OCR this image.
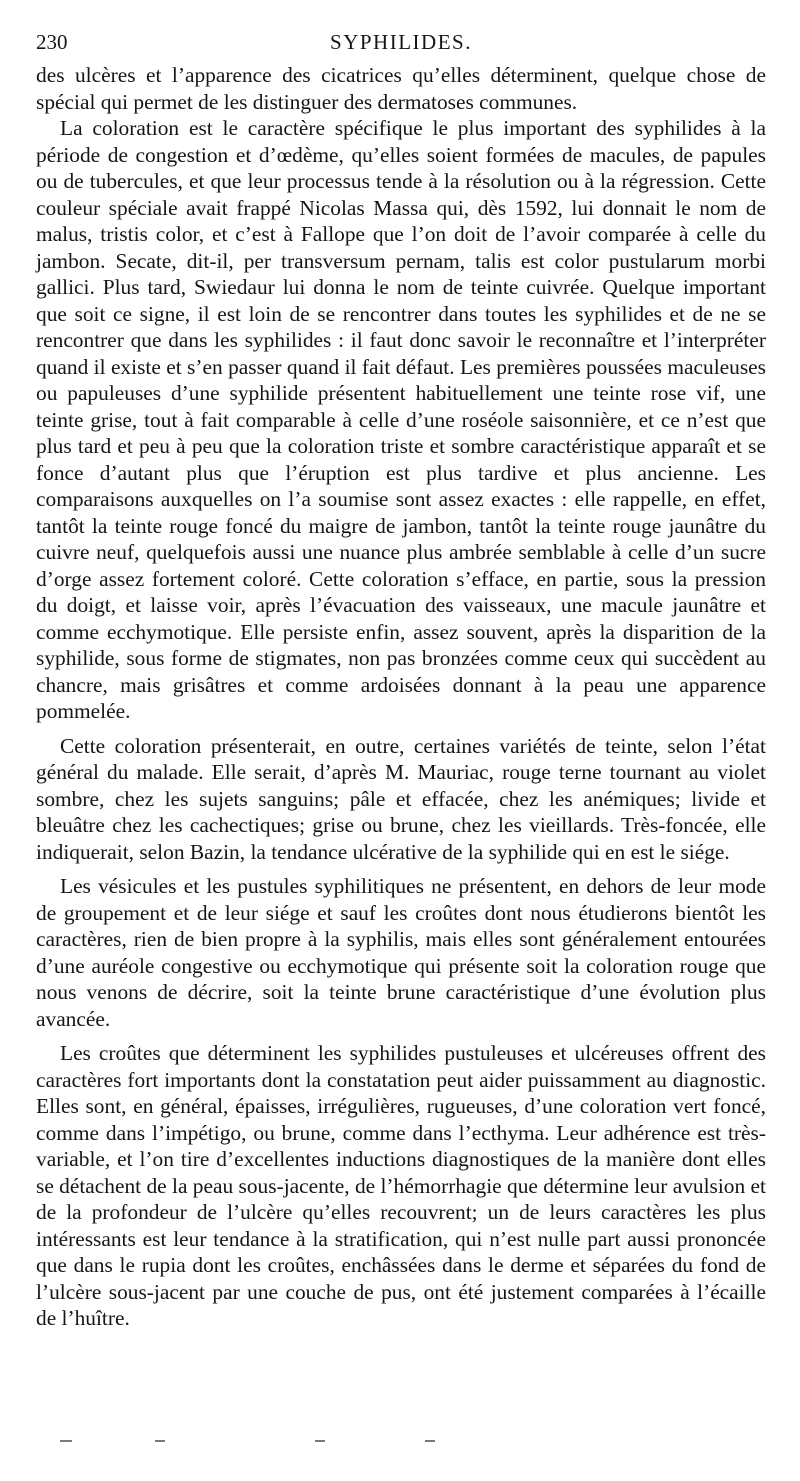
230	SYPHILIDES.

des ulcères et l’apparence des cicatrices qu’elles déterminent, quelque chose de spécial qui permet de les distinguer des dermatoses communes.

La coloration est le caractère spécifique le plus important des syphilides à la période de congestion et d’œdème, qu’elles soient formées de macules, de papules ou de tubercules, et que leur processus tende à la résolution ou à la régression. Cette couleur spéciale avait frappé Nicolas Massa qui, dès 1592, lui donnait le nom de malus, tristis color, et c’est à Fallope que l’on doit de l’avoir comparée à celle du jambon. Secate, dit-il, per transversum pernam, talis est color pustularum morbi gallici. Plus tard, Swiedaur lui donna le nom de teinte cuivrée. Quelque important que soit ce signe, il est loin de se rencontrer dans toutes les syphilides et de ne se rencontrer que dans les syphilides : il faut donc savoir le reconnaître et l’interpréter quand il existe et s’en passer quand il fait défaut. Les premières poussées maculeuses ou papuleuses d’une syphilide présentent habituellement une teinte rose vif, une teinte grise, tout à fait comparable à celle d’une roséole saisonnière, et ce n’est que plus tard et peu à peu que la coloration triste et sombre caractéristique apparaît et se fonce d’autant plus que l’éruption est plus tardive et plus ancienne. Les comparaisons auxquelles on l’a soumise sont assez exactes : elle rappelle, en effet, tantôt la teinte rouge foncé du maigre de jambon, tantôt la teinte rouge jaunâtre du cuivre neuf, quelquefois aussi une nuance plus ambrée semblable à celle d’un sucre d’orge assez fortement coloré. Cette coloration s’efface, en partie, sous la pression du doigt, et laisse voir, après l’évacuation des vaisseaux, une macule jaunâtre et comme ecchymotique. Elle persiste enfin, assez souvent, après la disparition de la syphilide, sous forme de stigmates, non pas bronzées comme ceux qui succèdent au chancre, mais grisâtres et comme ardoisées donnant à la peau une apparence pommelée.

Cette coloration présenterait, en outre, certaines variétés de teinte, selon l’état général du malade. Elle serait, d’après M. Mauriac, rouge terne tournant au violet sombre, chez les sujets sanguins; pâle et effacée, chez les anémiques; livide et bleuâtre chez les cachectiques; grise ou brune, chez les vieillards. Très-foncée, elle indiquerait, selon Bazin, la tendance ulcérative de la syphilide qui en est le siége.

Les vésicules et les pustules syphilitiques ne présentent, en dehors de leur mode de groupement et de leur siége et sauf les croûtes dont nous étudierons bientôt les caractères, rien de bien propre à la syphilis, mais elles sont généralement entourées d’une auréole congestive ou ecchymotique qui présente soit la coloration rouge que nous venons de décrire, soit la teinte brune caractéristique d’une évolution plus avancée.

Les croûtes que déterminent les syphilides pustuleuses et ulcéreuses offrent des caractères fort importants dont la constatation peut aider puissamment au diagnostic. Elles sont, en général, épaisses, irrégulières, rugueuses, d’une coloration vert foncé, comme dans l’impétigo, ou brune, comme dans l’ecthyma. Leur adhérence est très-variable, et l’on tire d’excellentes inductions diagnostiques de la manière dont elles se détachent de la peau sous-jacente, de l’hémorrhagie que détermine leur avulsion et de la profondeur de l’ulcère qu’elles recouvrent; un de leurs caractères les plus intéressants est leur tendance à la stratification, qui n’est nulle part aussi prononcée que dans le rupia dont les croûtes, enchâssées dans le derme et séparées du fond de l’ulcère sous-jacent par une couche de pus, ont été justement comparées à l’écaille de l’huître.
